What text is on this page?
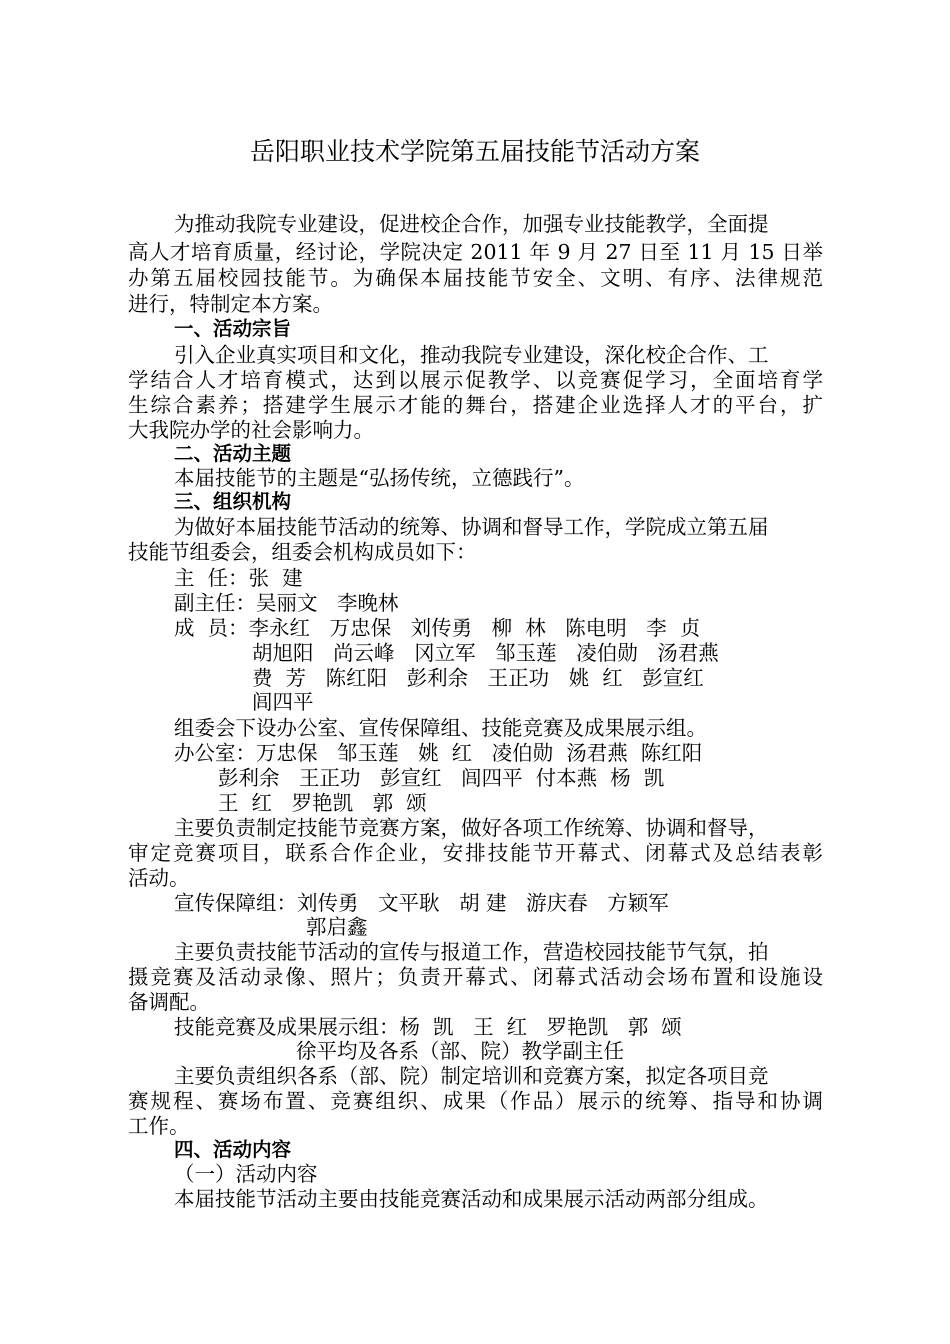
岳阳职业技术学院第五届技能节活动方案
为推动我院专业建设，促进校企合作，加强专业技能教学，全面提
高人才培育质量，经讨论，学院决定 2011 年 9 月 27 日至 11 月 15 日举
办第五届校园技能节。为确保本届技能节安全、文明、有序、法律规范
进行，特制定本方案。
一、活动宗旨
引入企业真实项目和文化，推动我院专业建设，深化校企合作、工
学结合人才培育模式，达到以展示促教学、以竞赛促学习，全面培育学
生综合素养；搭建学生展示才能的舞台，搭建企业选择人才的平台，扩
大我院办学的社会影响力。
二、活动主题
本届技能节的主题是“弘扬传统，立德践行”。
三、组织机构
为做好本届技能节活动的统筹、协调和督导工作，学院成立第五届
技能节组委会，组委会机构成员如下：
主  任：张  建
副主任：吴丽文   李晚林
成  员：李永红   万忠保   刘传勇   柳  林   陈电明   李  贞
胡旭阳   尚云峰   冈立军   邹玉莲   凌伯勋   汤君燕
费  芳   陈红阳   彭利余   王正功   姚  红   彭宣红
闾四平
组委会下设办公室、宣传保障组、技能竞赛及成果展示组。
办公室：万忠保   邹玉莲   姚  红   凌伯勋  汤君燕  陈红阳
彭利余   王正功   彭宣红   闾四平  付本燕  杨  凯
王  红   罗艳凯   郭  颂
主要负责制定技能节竞赛方案，做好各项工作统筹、协调和督导，
审定竞赛项目，联系合作企业，安排技能节开幕式、闭幕式及总结表彰
活动。
宣传保障组：刘传勇   文平耿   胡 建   游庆春   方颖军
郭启鑫
主要负责技能节活动的宣传与报道工作，营造校园技能节气氛，拍
摄竞赛及活动录像、照片；负责开幕式、闭幕式活动会场布置和设施设
备调配。
技能竞赛及成果展示组：杨  凯   王  红   罗艳凯   郭  颂
徐平均及各系（部、院）教学副主任
主要负责组织各系（部、院）制定培训和竞赛方案，拟定各项目竞
赛规程、赛场布置、竞赛组织、成果（作品）展示的统筹、指导和协调
工作。
四、活动内容
（一）活动内容
本届技能节活动主要由技能竞赛活动和成果展示活动两部分组成。
